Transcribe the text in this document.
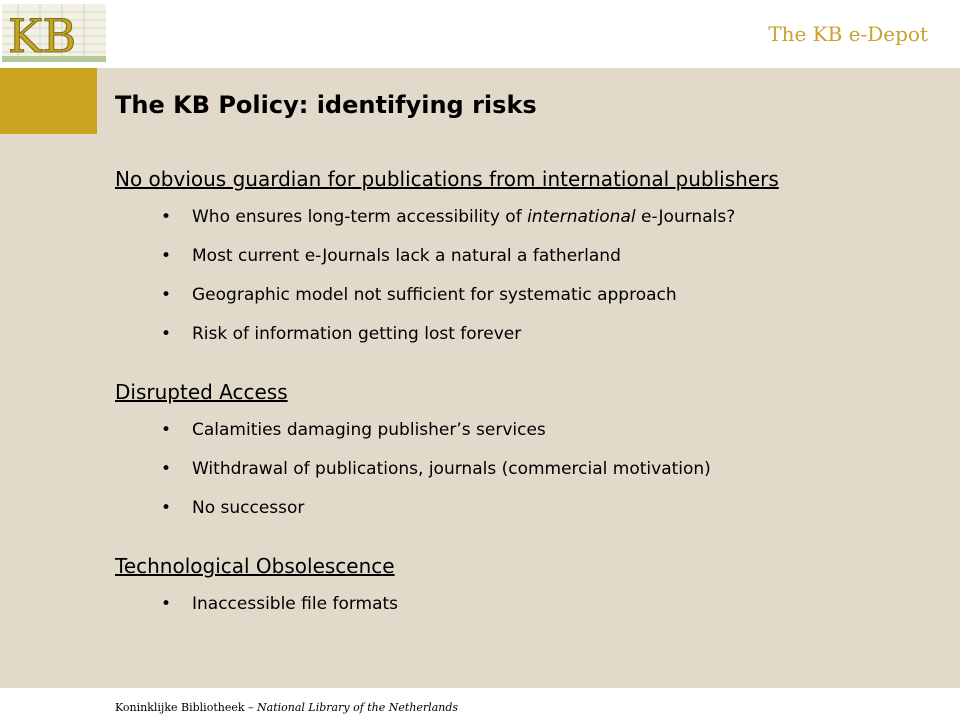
KB	The KB e-Depot
The KB Policy: identifying risks
No obvious guardian for publications from international publishers
• Who ensures long-term accessibility of international e-Journals?
• Most current e-Journals lack a natural a fatherland
• Geographic model not sufficient for systematic approach
• Risk of information getting lost forever
Disrupted Access
• Calamities damaging publisher’s services
• Withdrawal of publications, journals (commercial motivation)
• No successor
Technological Obsolescence
• Inaccessible file formats
Koninklijke Bibliotheek – National Library of the Netherlands
